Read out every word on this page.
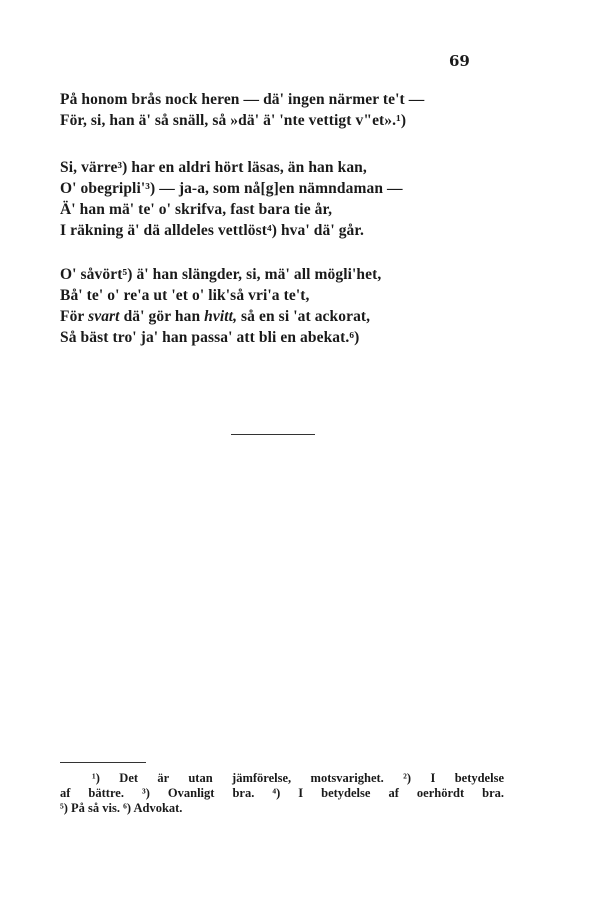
69
På honom brås nock heren — dä' ingen närmer te't —
För, si, han ä' så snäll, så »dä' ä' 'nte vettigt v"et».¹)
Si, värre³) har en aldri hört läsas, än han kan,
O' obegripli'³) — ja-a, som nå[g]en nämndaman —
Ä' han mä' te' o' skrifva, fast bara tie år,
I räkning ä' dä alldeles vettlöst⁴) hva' dä' går.
O' såvört⁵) ä' han slängder, si, mä' all mögli'het,
Bå' te' o' re'a ut 'et o' lik'så vri'a te't,
För svart dä' gör han hvitt, så en si 'at ackorat,
Så bäst tro' ja' han passa' att bli en abekat.⁶)
¹) Det är utan jämförelse, motsvarighet. ²) I betydelse
af bättre. ³) Ovanligt bra. ⁴) I betydelse af oerhördt bra.
⁵) På så vis. ⁶) Advokat.
